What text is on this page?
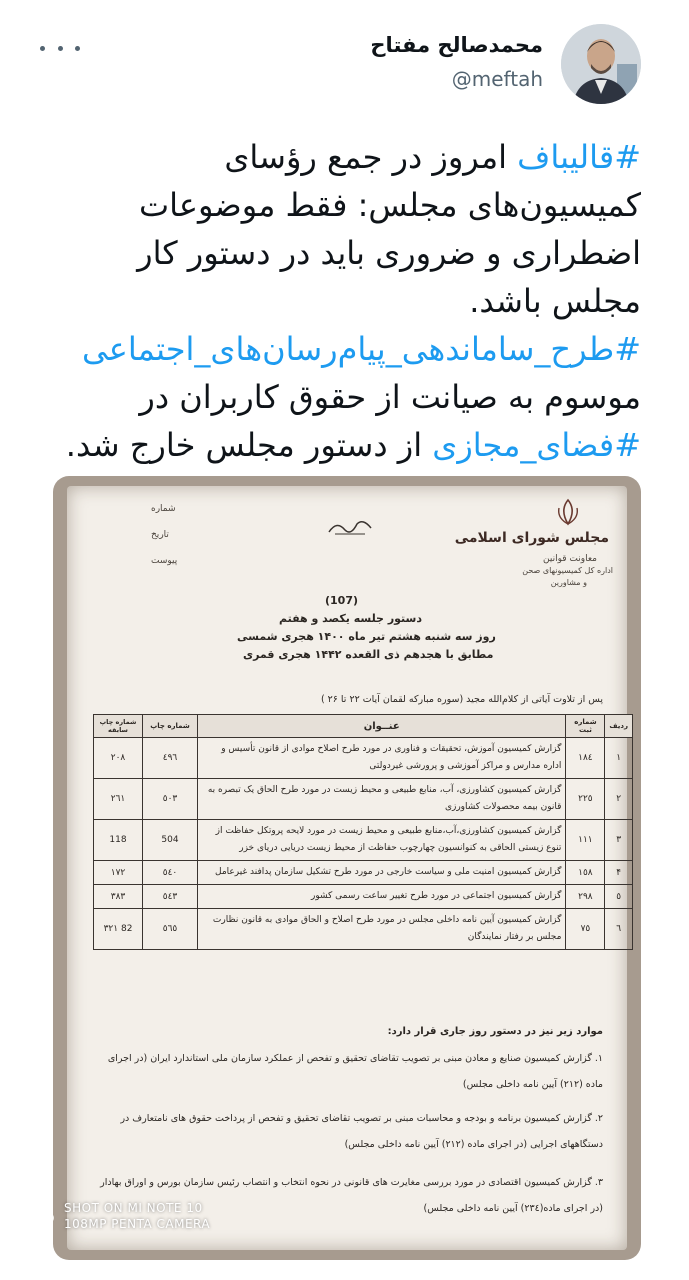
محمدصالح مفتاح
@meftah
#قالیباف امروز در جمع رؤسای
کمیسیون‌های مجلس: فقط موضوعات
اضطراری و ضروری باید در دستور کار
مجلس باشد.
#طرح_ساماندهی_پیام‌رسان‌های_اجتماعی
موسوم به صیانت از حقوق کاربران در
#فضای_مجازی از دستور مجلس خارج شد.
مجلس شورای اسلامی
معاونت قوانین
اداره کل کمیسیونهای صحن
و مشاورین
شماره
تاریخ
پیوست
(107)
دستور جلسه یکصد و هفتم
روز سه شنبه هشتم تیر ماه ۱۴۰۰ هجری شمسی
مطابق با هجدهم ذی القعده ۱۴۴۲ هجری قمری
پس از تلاوت آیاتی از کلام‌الله مجید (سوره مبارکه لقمان آیات ۲۲ تا ۲۶ )
ردیف	شماره ثبت	عنــوان	شماره چاپ	شماره چاپ سابقه
۱	۱۸٤	گزارش کمیسیون آموزش، تحقیقات و فناوری در مورد طرح اصلاح موادی از قانون تأسیس و اداره مدارس و مراکز آموزشی و پرورشی غیردولتی	٤٩٦	۲۰۸
۲	۲۲٥	گزارش کمیسیون کشاورزی، آب، منابع طبیعی و محیط زیست در مورد طرح الحاق یک تبصره به قانون بیمه محصولات کشاورزی	٥۰۳	۲٦۱
۳	۱۱۱	گزارش کمیسیون کشاورزی،آب،منابع طبیعی و محیط زیست در مورد لایحه پروتکل حفاظت از تنوع زیستی الحاقی به کنوانسیون چهارچوب حفاظت از محیط زیست دریایی دریای خزر	504	118
۴	۱٥۸	گزارش کمیسیون امنیت ملی و سیاست خارجی در مورد طرح تشکیل سازمان پدافند غیرعامل	٥٤۰	۱۷۲
٥	۲۹۸	گزارش کمیسیون اجتماعی در مورد طرح تغییر ساعت رسمی کشور	٥٤۳	۳۸۳
٦	۷٥	گزارش کمیسیون آیین نامه داخلی مجلس در مورد طرح اصلاح و الحاق موادی به قانون نظارت مجلس بر رفتار نمایندگان	٥٦٥	82 ۳۲۱
موارد زیر نیز در دستور روز جاری قرار دارد:
۱. گزارش کمیسیون صنایع و معادن مبنی بر تصویب تقاضای تحقیق و تفحص از عملکرد سازمان ملی استاندارد ایران (در اجرای ماده (۲۱۲) آیین نامه داخلی مجلس)
۲. گزارش کمیسیون برنامه و بودجه و محاسبات مبنی بر تصویب تقاضای تحقیق و تفحص از پرداخت حقوق های نامتعارف در دستگاههای اجرایی (در اجرای ماده (۲۱۲) آیین نامه داخلی مجلس)
۳. گزارش کمیسیون اقتصادی در مورد بررسی مغایرت های قانونی در نحوه انتخاب و انتصاب رئیس سازمان بورس و اوراق بهادار (در اجرای ماده(۲۳٤) آیین نامه داخلی مجلس)
SHOT ON MI NOTE 10
108MP PENTA CAMERA
